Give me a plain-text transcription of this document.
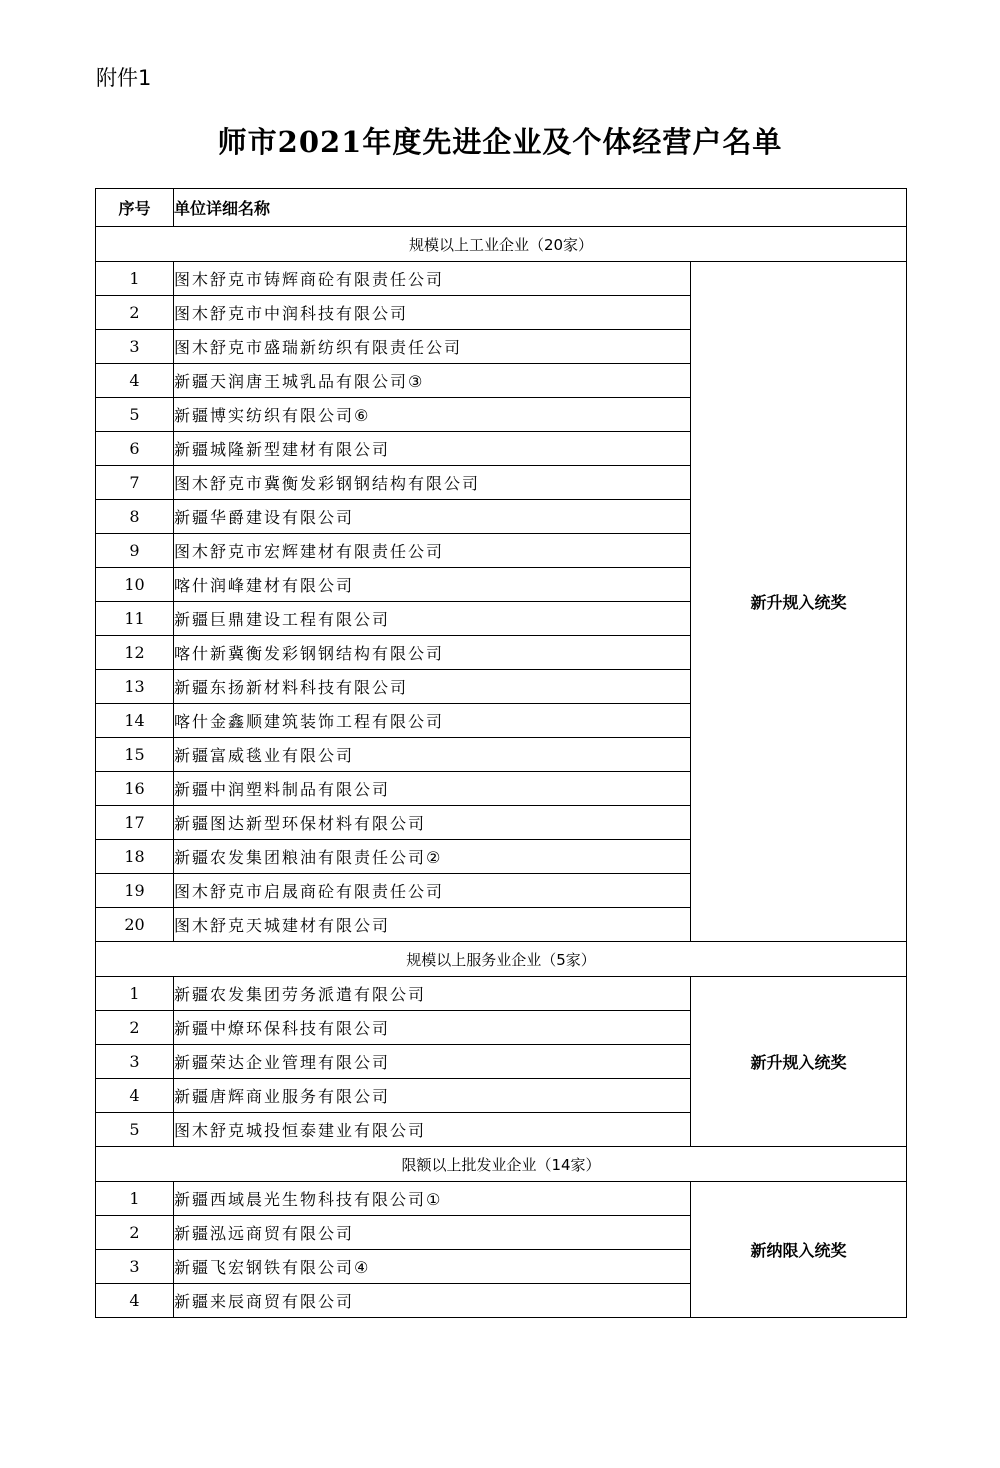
附件1
师市2021年度先进企业及个体经营户名单
序号	单位详细名称	
规模以上工业企业（20家）		
1	图木舒克市铸辉商砼有限责任公司	新升规入统奖
2	图木舒克市中润科技有限公司	
3	图木舒克市盛瑞新纺织有限责任公司	
4	新疆天润唐王城乳品有限公司③	
5	新疆博实纺织有限公司⑥	
6	新疆城隆新型建材有限公司	
7	图木舒克市冀衡发彩钢钢结构有限公司	
8	新疆华爵建设有限公司	
9	图木舒克市宏辉建材有限责任公司	
10	喀什润峰建材有限公司	
11	新疆巨鼎建设工程有限公司	
12	喀什新冀衡发彩钢钢结构有限公司	
13	新疆东扬新材料科技有限公司	
14	喀什金鑫顺建筑装饰工程有限公司	
15	新疆富威毯业有限公司	
16	新疆中润塑料制品有限公司	
17	新疆图达新型环保材料有限公司	
18	新疆农发集团粮油有限责任公司②	
19	图木舒克市启晟商砼有限责任公司	
20	图木舒克天城建材有限公司	
规模以上服务业企业（5家）		
1	新疆农发集团劳务派遣有限公司	新升规入统奖
2	新疆中燎环保科技有限公司	
3	新疆荣达企业管理有限公司	
4	新疆唐辉商业服务有限公司	
5	图木舒克城投恒泰建业有限公司	
限额以上批发业企业（14家）		
1	新疆西域晨光生物科技有限公司①	新纳限入统奖
2	新疆泓远商贸有限公司	
3	新疆飞宏钢铁有限公司④	
4	新疆来辰商贸有限公司	
